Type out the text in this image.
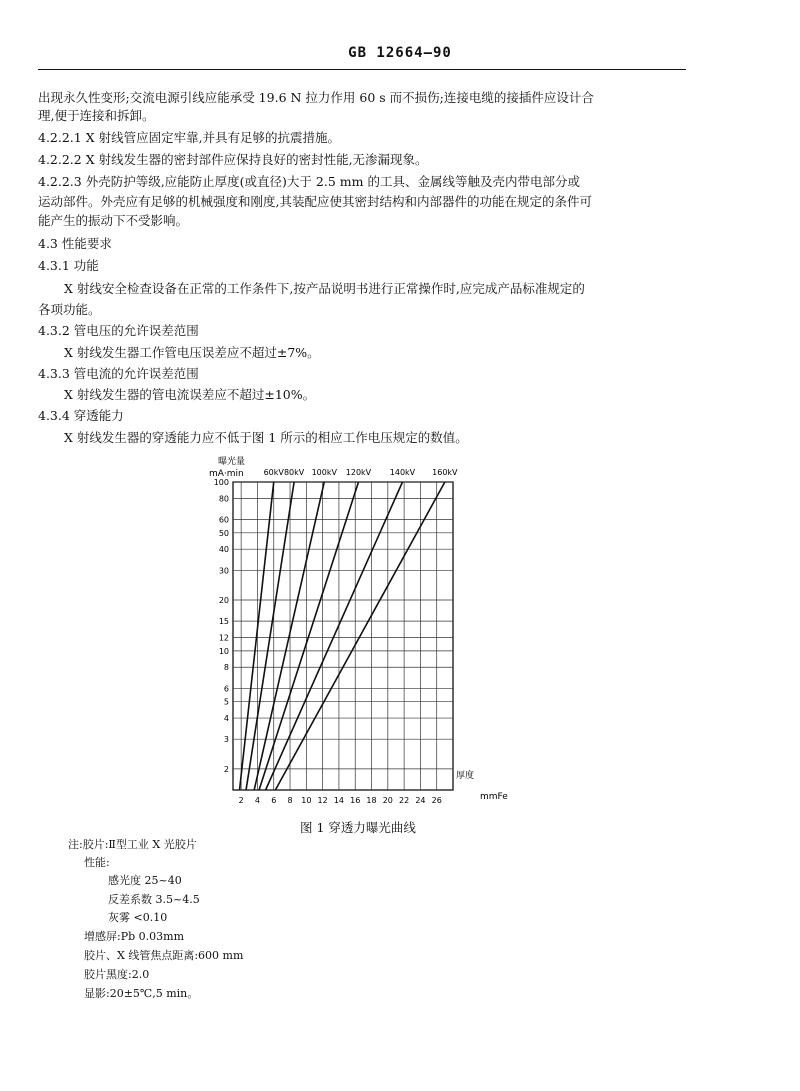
GB 12664—90
出现永久性变形;交流电源引线应能承受 19.6 N 拉力作用 60 s 而不损伤;连接电缆的接插件应设计合
理,便于连接和拆卸。
4.2.2.1 X 射线管应固定牢靠,并具有足够的抗震措施。
4.2.2.2 X 射线发生器的密封部件应保持良好的密封性能,无渗漏现象。
4.2.2.3 外壳防护等级,应能防止厚度(或直径)大于 2.5 mm 的工具、金属线等触及壳内带电部分或
运动部件。外壳应有足够的机械强度和刚度,其装配应使其密封结构和内部器件的功能在规定的条件可
能产生的振动下不受影响。
4.3 性能要求
4.3.1 功能
X 射线安全检查设备在正常的工作条件下,按产品说明书进行正常操作时,应完成产品标准规定的
各项功能。
4.3.2 管电压的允许误差范围
X 射线发生器工作管电压误差应不超过±7%。
4.3.3 管电流的允许误差范围
X 射线发生器的管电流误差应不超过±10%。
4.3.4 穿透能力
X 射线发生器的穿透能力应不低于图 1 所示的相应工作电压规定的数值。
曝光量
mA·min
100
80
60
50
40
30
20
15
12
10
8
6
5
4
3
2
2 4 6 8 10 12 14 16 18 20 22 24 26
60kV 80kV 100kV 120kV 140kV 160kV
厚度
mmFe
图 1 穿透力曝光曲线
注:胶片:Ⅱ型工业 X 光胶片
性能:
感光度 25~40
反差系数 3.5~4.5
灰雾 <0.10
增感屏:Pb 0.03mm
胶片、X 线管焦点距离:600 mm
胶片黑度:2.0
显影:20±5℃,5 min。
